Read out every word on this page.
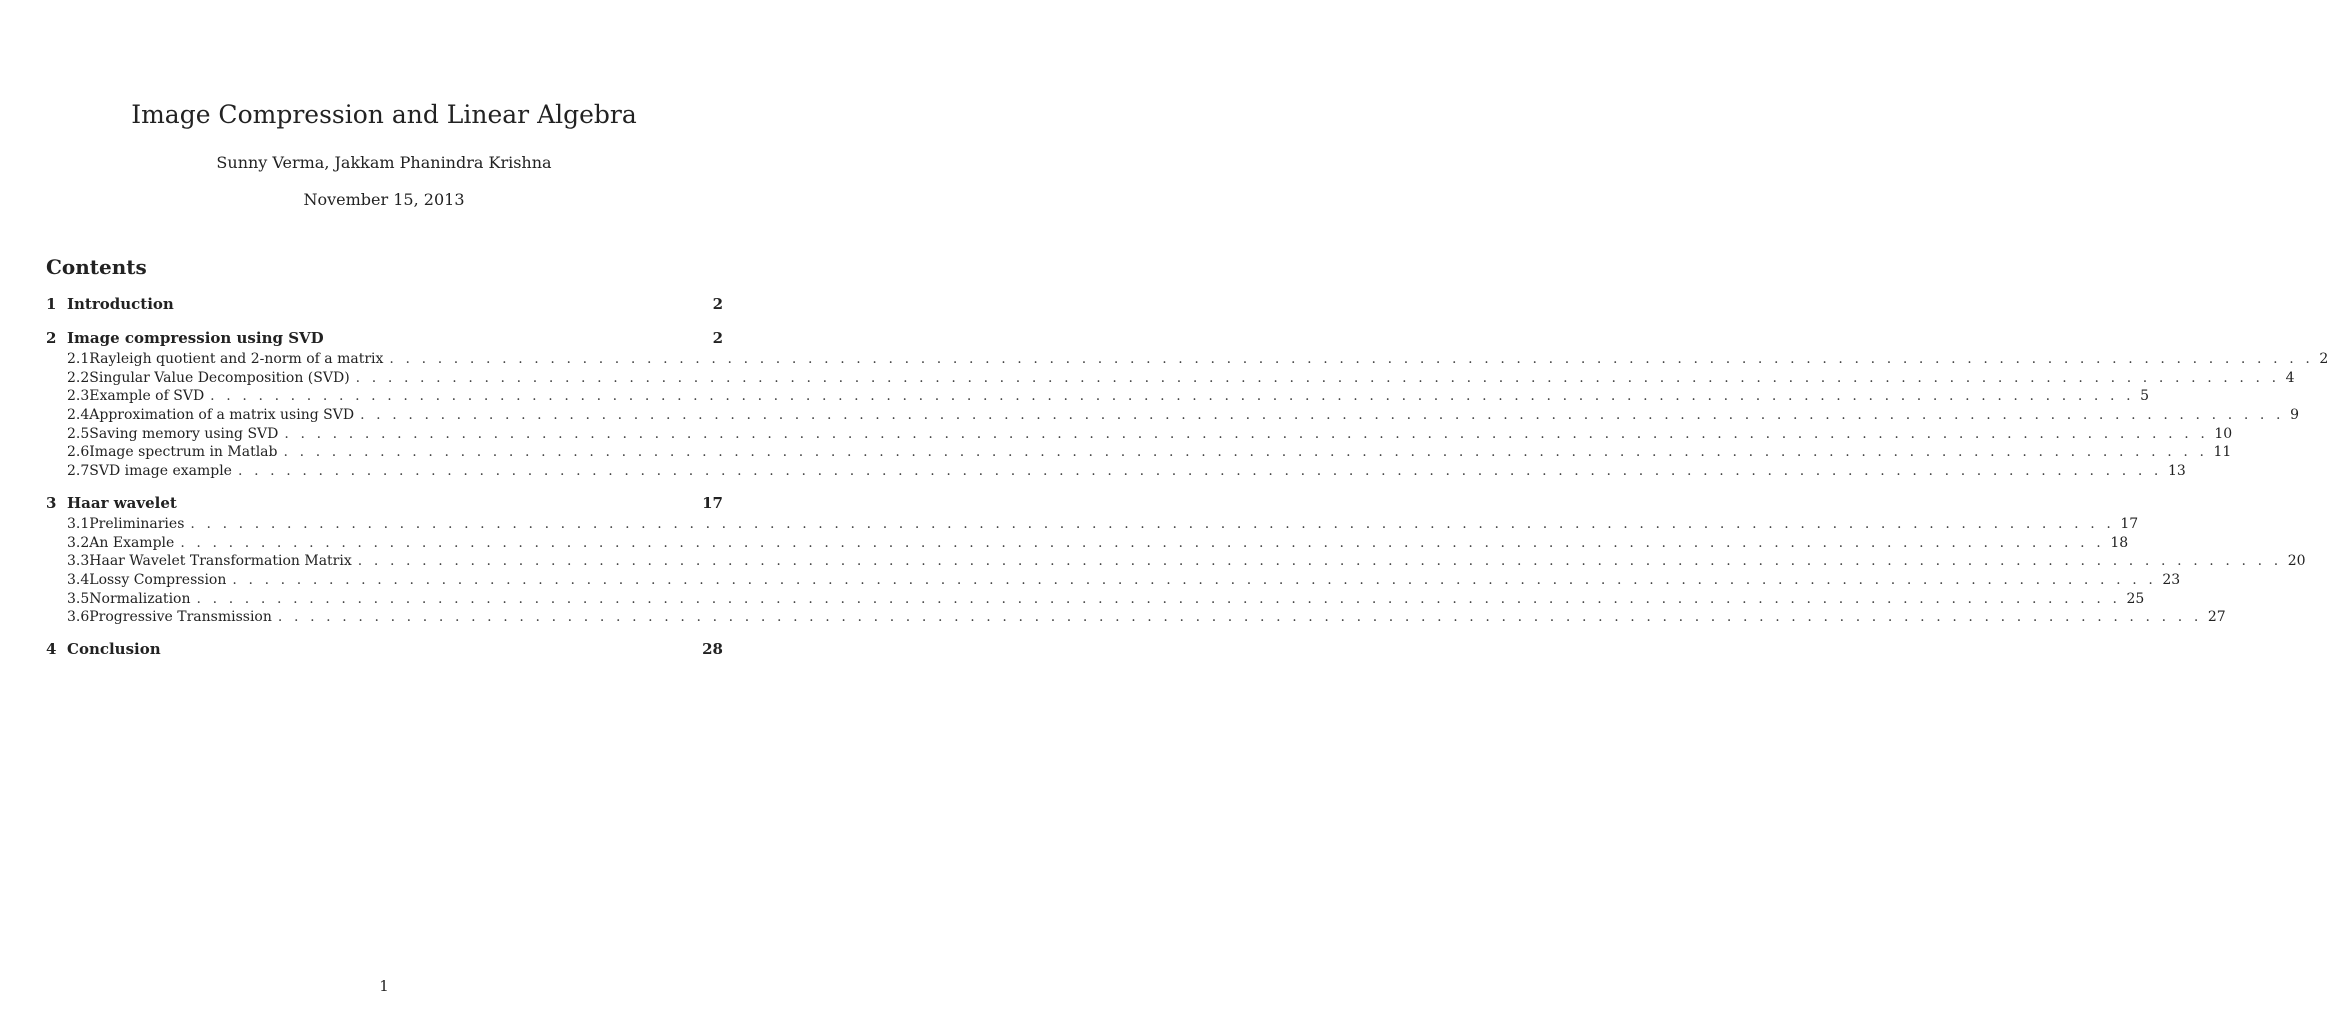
Image Compression and Linear Algebra
Sunny Verma, Jakkam Phanindra Krishna
November 15, 2013
Contents
1 Introduction	2
2 Image compression using SVD	2
2.1 Rayleigh quotient and 2-norm of a matrix . . . . . . . . . . . . . . . . . . . . . . . . . . . . . . . . . . . . . . . . . . . . . . . . . . . . . . . . . . . . . . . . . . . . . . . . . . . . . . . . . . . . . . . . . . . . . . . . . . . . . . . . . . . . . . . . . . . . . . . . 2
2.2 Singular Value Decomposition (SVD) . . . . . . . . . . . . . . . . . . . . . . . . . . . . . . . . . . . . . . . . . . . . . . . . . . . . . . . . . . . . . . . . . . . . . . . . . . . . . . . . . . . . . . . . . . . . . . . . . . . . . . . . . . . . . . . . . . . . . . . . 4
2.3 Example of SVD . . . . . . . . . . . . . . . . . . . . . . . . . . . . . . . . . . . . . . . . . . . . . . . . . . . . . . . . . . . . . . . . . . . . . . . . . . . . . . . . . . . . . . . . . . . . . . . . . . . . . . . . . . . . . . . . . . . . . . . . 5
2.4 Approximation of a matrix using SVD . . . . . . . . . . . . . . . . . . . . . . . . . . . . . . . . . . . . . . . . . . . . . . . . . . . . . . . . . . . . . . . . . . . . . . . . . . . . . . . . . . . . . . . . . . . . . . . . . . . . . . . . . . . . . . . . . . . . . . . . 9
2.5 Saving memory using SVD . . . . . . . . . . . . . . . . . . . . . . . . . . . . . . . . . . . . . . . . . . . . . . . . . . . . . . . . . . . . . . . . . . . . . . . . . . . . . . . . . . . . . . . . . . . . . . . . . . . . . . . . . . . . . . . . . . . . . . . . 10
2.6 Image spectrum in Matlab . . . . . . . . . . . . . . . . . . . . . . . . . . . . . . . . . . . . . . . . . . . . . . . . . . . . . . . . . . . . . . . . . . . . . . . . . . . . . . . . . . . . . . . . . . . . . . . . . . . . . . . . . . . . . . . . . . . . . . . . 11
2.7 SVD image example . . . . . . . . . . . . . . . . . . . . . . . . . . . . . . . . . . . . . . . . . . . . . . . . . . . . . . . . . . . . . . . . . . . . . . . . . . . . . . . . . . . . . . . . . . . . . . . . . . . . . . . . . . . . . . . . . . . . . . . . 13
3 Haar wavelet	17
3.1 Preliminaries . . . . . . . . . . . . . . . . . . . . . . . . . . . . . . . . . . . . . . . . . . . . . . . . . . . . . . . . . . . . . . . . . . . . . . . . . . . . . . . . . . . . . . . . . . . . . . . . . . . . . . . . . . . . . . . . . . . . . . . . 17
3.2 An Example . . . . . . . . . . . . . . . . . . . . . . . . . . . . . . . . . . . . . . . . . . . . . . . . . . . . . . . . . . . . . . . . . . . . . . . . . . . . . . . . . . . . . . . . . . . . . . . . . . . . . . . . . . . . . . . . . . . . . . . . 18
3.3 Haar Wavelet Transformation Matrix . . . . . . . . . . . . . . . . . . . . . . . . . . . . . . . . . . . . . . . . . . . . . . . . . . . . . . . . . . . . . . . . . . . . . . . . . . . . . . . . . . . . . . . . . . . . . . . . . . . . . . . . . . . . . . . . . . . . . . . . 20
3.4 Lossy Compression . . . . . . . . . . . . . . . . . . . . . . . . . . . . . . . . . . . . . . . . . . . . . . . . . . . . . . . . . . . . . . . . . . . . . . . . . . . . . . . . . . . . . . . . . . . . . . . . . . . . . . . . . . . . . . . . . . . . . . . . 23
3.5 Normalization . . . . . . . . . . . . . . . . . . . . . . . . . . . . . . . . . . . . . . . . . . . . . . . . . . . . . . . . . . . . . . . . . . . . . . . . . . . . . . . . . . . . . . . . . . . . . . . . . . . . . . . . . . . . . . . . . . . . . . . . 25
3.6 Progressive Transmission . . . . . . . . . . . . . . . . . . . . . . . . . . . . . . . . . . . . . . . . . . . . . . . . . . . . . . . . . . . . . . . . . . . . . . . . . . . . . . . . . . . . . . . . . . . . . . . . . . . . . . . . . . . . . . . . . . . . . . . . 27
4 Conclusion	28
1
